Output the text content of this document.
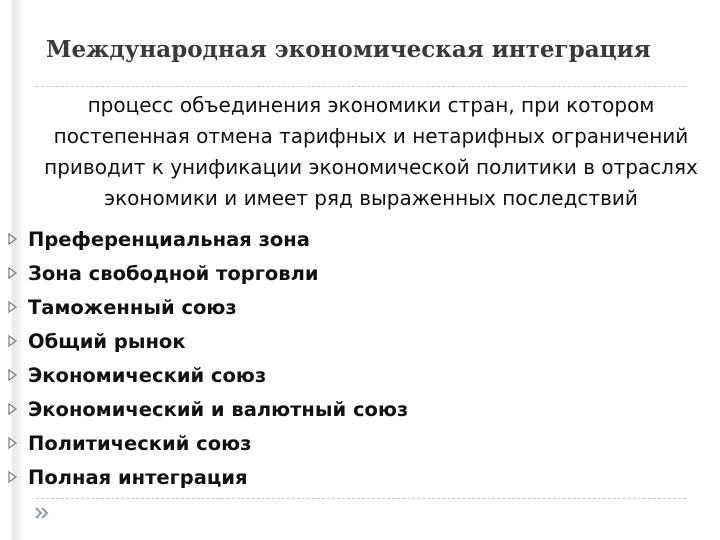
Международная экономическая интеграция
процесс объединения экономики стран, при котором
постепенная отмена тарифных и нетарифных ограничений
приводит к унификации экономической политики в отраслях
экономики и имеет ряд выраженных последствий
Преференциальная зона
Зона свободной торговли
Таможенный союз
Общий рынок
Экономический союз
Экономический и валютный союз
Политический союз
Полная интеграция
